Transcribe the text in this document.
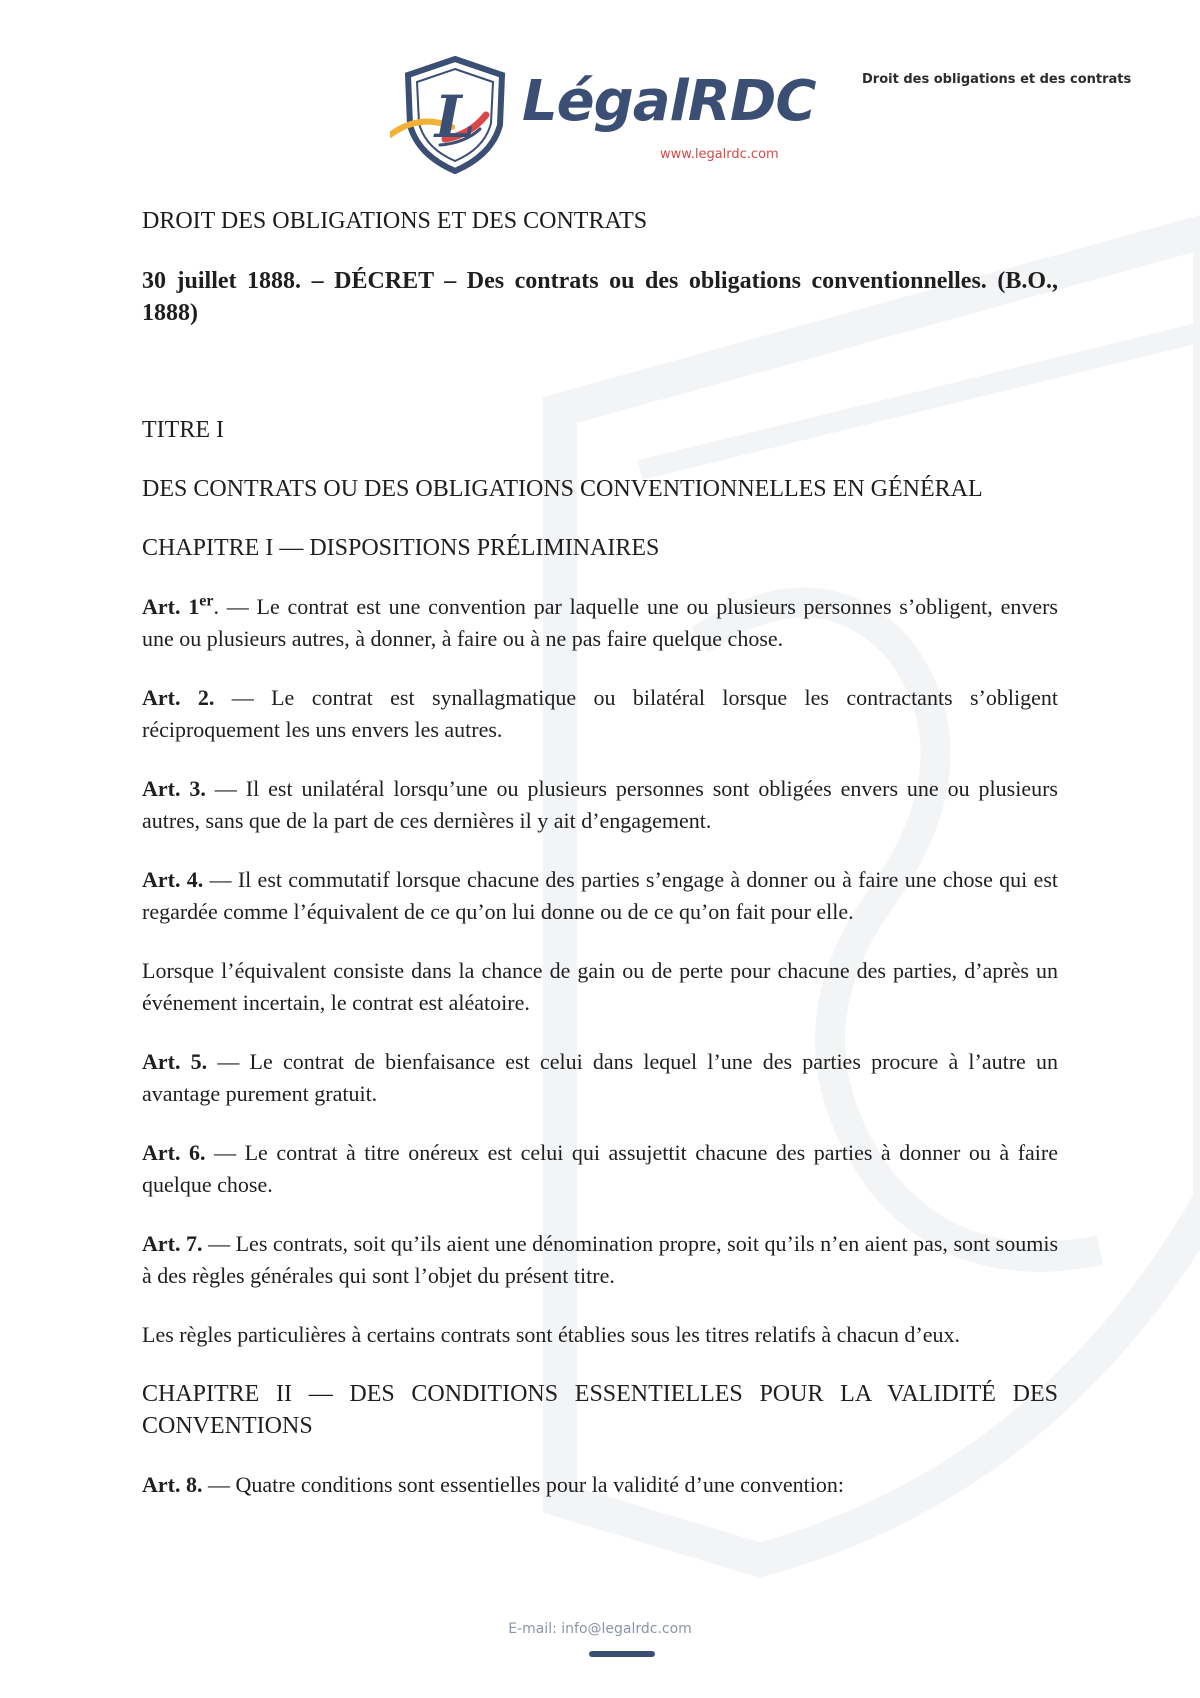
L LégalRDC
www.legalrdc.com
Droit des obligations et des contrats

DROIT DES OBLIGATIONS ET DES CONTRATS

30 juillet 1888. – DÉCRET – Des contrats ou des obligations conventionnelles. (B.O., 1888)

TITRE I

DES CONTRATS OU DES OBLIGATIONS CONVENTIONNELLES EN GÉNÉRAL

CHAPITRE I — DISPOSITIONS PRÉLIMINAIRES

Art. 1er. — Le contrat est une convention par laquelle une ou plusieurs personnes s’obligent, envers une ou plusieurs autres, à donner, à faire ou à ne pas faire quelque chose.

Art. 2. — Le contrat est synallagmatique ou bilatéral lorsque les contractants s’obligent réciproquement les uns envers les autres.

Art. 3. — Il est unilatéral lorsqu’une ou plusieurs personnes sont obligées envers une ou plusieurs autres, sans que de la part de ces dernières il y ait d’engagement.

Art. 4. — Il est commutatif lorsque chacune des parties s’engage à donner ou à faire une chose qui est regardée comme l’équivalent de ce qu’on lui donne ou de ce qu’on fait pour elle.

Lorsque l’équivalent consiste dans la chance de gain ou de perte pour chacune des parties, d’après un événement incertain, le contrat est aléatoire.

Art. 5. — Le contrat de bienfaisance est celui dans lequel l’une des parties procure à l’autre un avantage purement gratuit.

Art. 6. — Le contrat à titre onéreux est celui qui assujettit chacune des parties à donner ou à faire quelque chose.

Art. 7. — Les contrats, soit qu’ils aient une dénomination propre, soit qu’ils n’en aient pas, sont soumis à des règles générales qui sont l’objet du présent titre.

Les règles particulières à certains contrats sont établies sous les titres relatifs à chacun d’eux.

CHAPITRE II — DES CONDITIONS ESSENTIELLES POUR LA VALIDITÉ DES CONVENTIONS

Art. 8. — Quatre conditions sont essentielles pour la validité d’une convention:

E-mail: info@legalrdc.com
